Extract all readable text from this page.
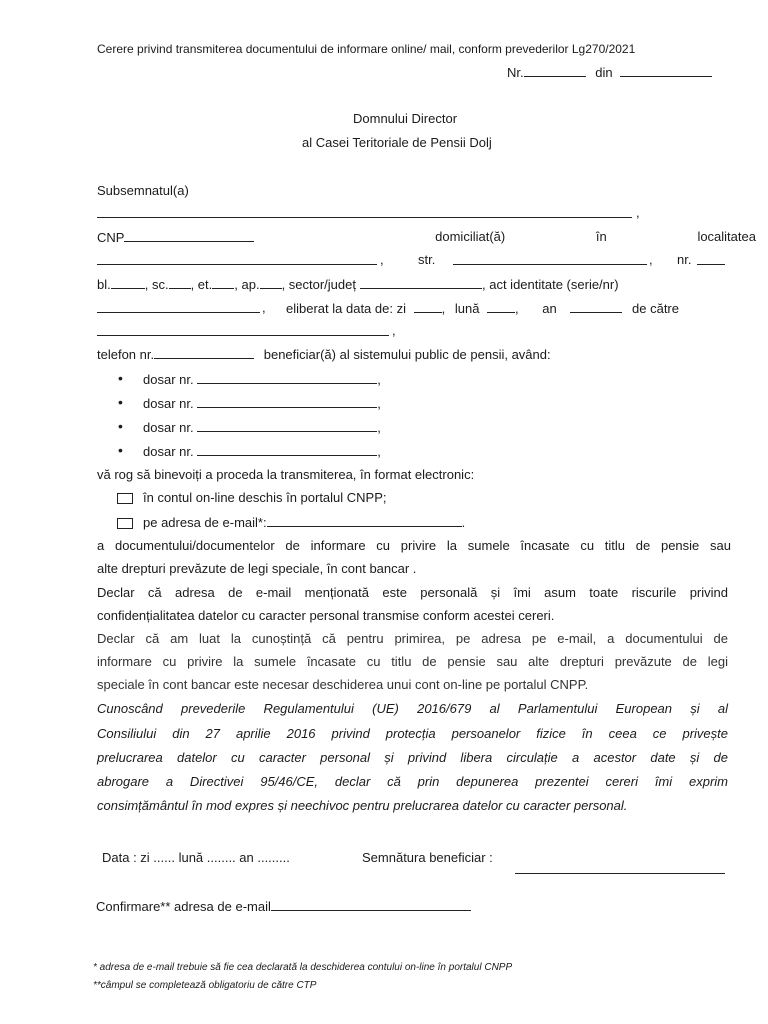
Cerere privind transmiterea documentului de informare online/ mail, conform prevederilor Lg270/2021
Nr.	din
Domnului Director
al Casei Teritoriale de Pensii Dolj
Subsemnatul(a)
,
CNP	domiciliat(ă)	în	localitatea
,	str.	, nr.
bl.	, sc. , et. , ap. , sector/județ	, act identitate (serie/nr)
, eliberat la data de: zi	, lună	, an	de către
,
telefon nr.	beneficiar(ă) al sistemului public de pensii, având:
• dosar nr.	,
• dosar nr.	,
• dosar nr.	,
• dosar nr.	,
vă rog să binevoiți a proceda la transmiterea, în format electronic:
în contul on-line deschis în portalul CNPP;
pe adresa de e-mail*:	.
a documentului/documentelor de informare cu privire la sumele încasate cu titlu de pensie sau
alte drepturi prevăzute de legi speciale, în cont bancar .
Declar că adresa de e-mail menționată este personală și îmi asum toate riscurile privind
confidențialitatea datelor cu caracter personal transmise conform acestei cereri.
Declar că am luat la cunoștință că pentru primirea, pe adresa pe e-mail, a documentului de
informare cu privire la sumele încasate cu titlu de pensie sau alte drepturi prevăzute de legi
speciale în cont bancar este necesar deschiderea unui cont on-line pe portalul CNPP.
Cunoscând prevederile Regulamentului (UE) 2016/679 al Parlamentului European și al
Consiliului din 27 aprilie 2016 privind protecția persoanelor fizice în ceea ce privește
prelucrarea datelor cu caracter personal și privind libera circulație a acestor date și de
abrogare a Directivei 95/46/CE, declar că prin depunerea prezentei cereri îmi exprim
consimțământul în mod expres și neechivoc pentru prelucrarea datelor cu caracter personal.
Data : zi ...... lună ........ an .........	Semnătura beneficiar :
Confirmare** adresa de e-mail
* adresa de e-mail trebuie să fie cea declarată la deschiderea contului on-line în portalul CNPP
**câmpul se completează obligatoriu de către CTP
